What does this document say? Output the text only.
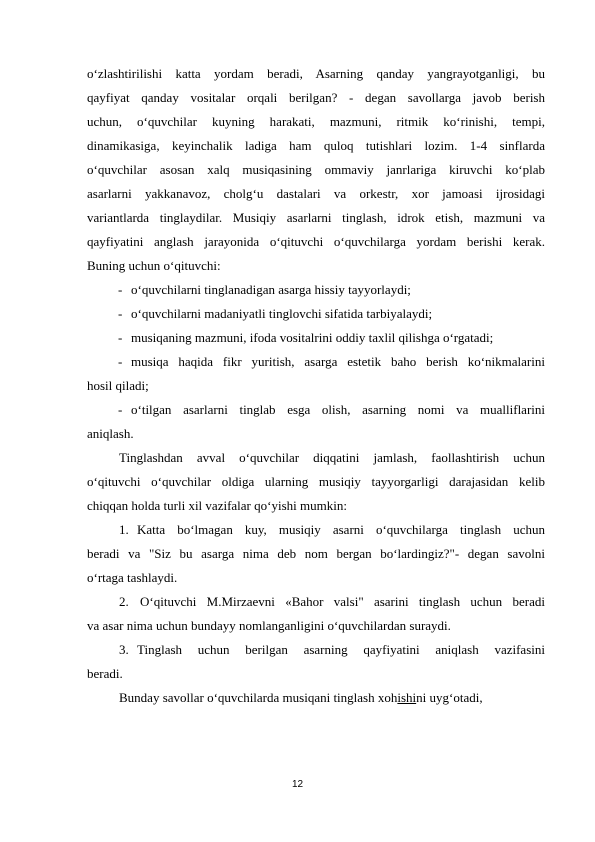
o‘zlashtirilishi katta yordam beradi, Asarning qanday yangrayotganligi, bu
qayfiyat qanday vositalar orqali berilgan? - degan savollarga javob berish
uchun, o‘quvchilar kuyning harakati, mazmuni, ritmik ko‘rinishi, tempi,
dinamikasiga, keyinchalik ladiga ham quloq tutishlari lozim. 1-4 sinflarda
o‘quvchilar asosan xalq musiqasining ommaviy janrlariga kiruvchi ko‘plab
asarlarni yakkanavoz, cholg‘u dastalari va orkestr, xor jamoasi ijrosidagi
variantlarda tinglaydilar. Musiqiy asarlarni tinglash, idrok etish, mazmuni va
qayfiyatini anglash jarayonida o‘qituvchi o‘quvchilarga yordam berishi kerak.
Buning uchun o‘qituvchi:
- o‘quvchilarni tinglanadigan asarga hissiy tayyorlaydi;
- o‘quvchilarni madaniyatli tinglovchi sifatida tarbiyalaydi;
- musiqaning mazmuni, ifoda vositalrini oddiy taxlil qilishga o‘rgatadi;
- musiqa haqida fikr yuritish, asarga estetik baho berish ko‘nikmalarini
hosil qiladi;
- o‘tilgan asarlarni tinglab esga olish, asarning nomi va mualliflarini
aniqlash.
Tinglashdan avval o‘quvchilar diqqatini jamlash, faollashtirish uchun
o‘qituvchi o‘quvchilar oldiga ularning musiqiy tayyorgarligi darajasidan kelib
chiqqan holda turli xil vazifalar qo‘yishi mumkin:
1. Katta bo‘lmagan kuy, musiqiy asarni o‘quvchilarga tinglash uchun
beradi va "Siz bu asarga nima deb nom bergan bo‘lardingiz?"- degan savolni
o‘rtaga tashlaydi.
2. O‘qituvchi M.Mirzaevni «Bahor valsi" asarini tinglash uchun beradi
va asar nima uchun bundayy nomlanganligini o‘quvchilardan suraydi.
3. Tinglash uchun berilgan asarning qayfiyatini aniqlash vazifasini
beradi.
Bunday savollar o‘quvchilarda musiqani tinglash xohishini uyg‘otadi,
12
